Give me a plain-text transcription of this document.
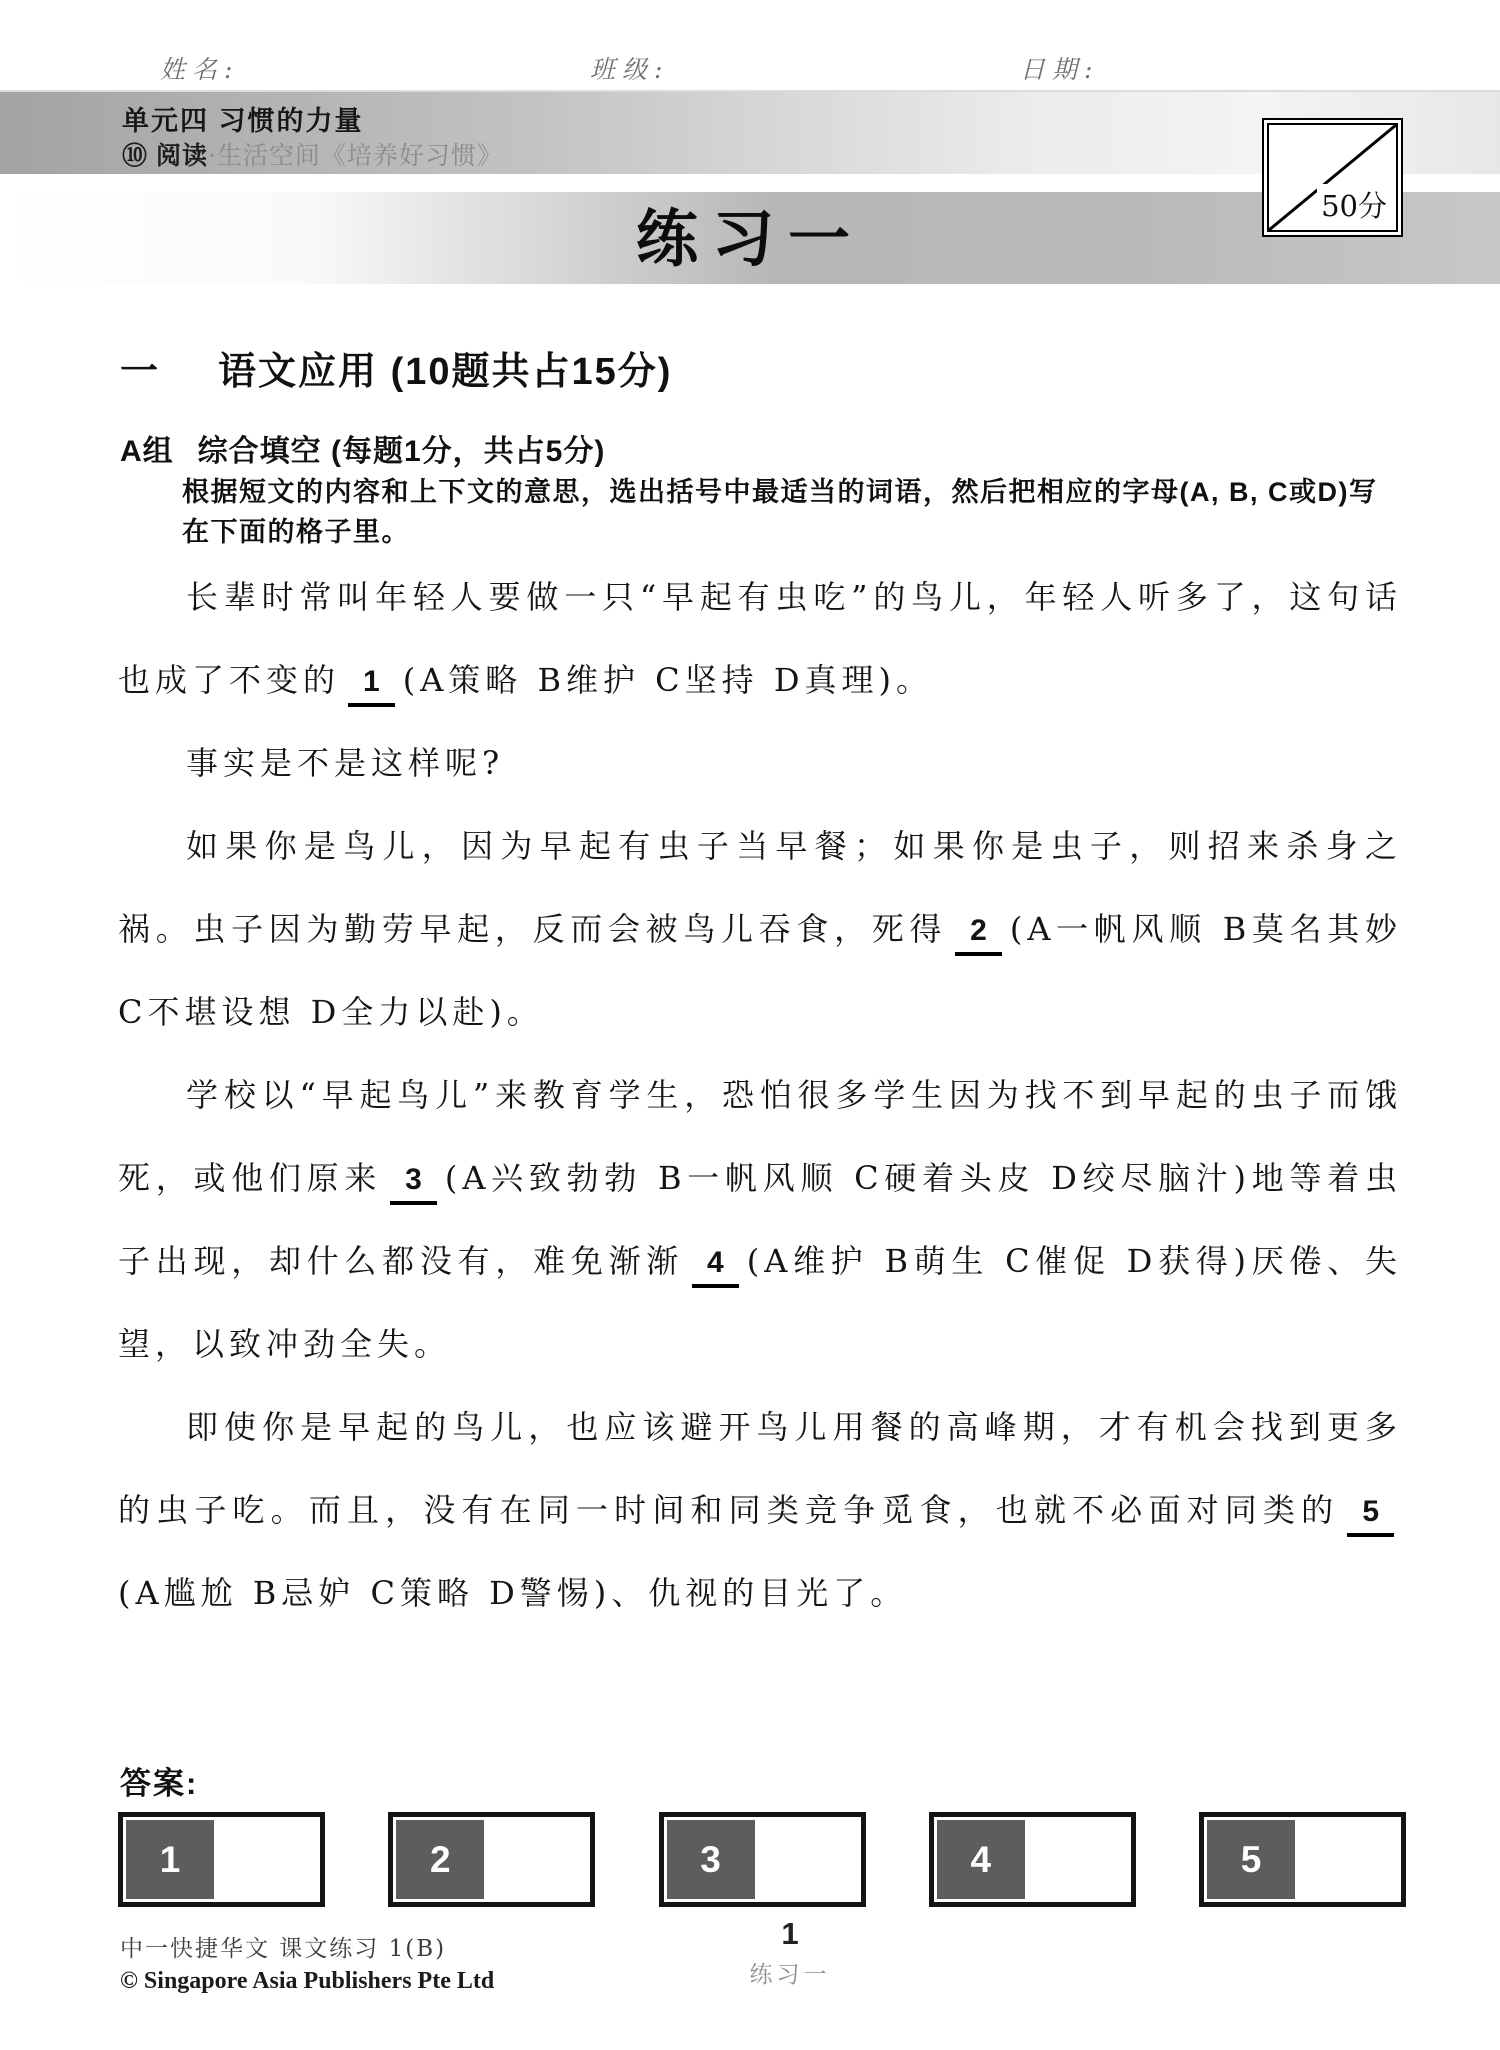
姓名:	班级:	日期:
单元四 习惯的力量
⑩ 阅读·生活空间《培养好习惯》
练习一	50分
一 语文应用 (10题共占15分)
A组 综合填空 (每题1分，共占5分)
根据短文的内容和上下文的意思，选出括号中最适当的词语，然后把相应的字母(A, B, C或D)写在下面的格子里。

长辈时常叫年轻人要做一只“早起有虫吃”的鸟儿，年轻人听多了，这句话也成了不变的 1 (A策略 B维护 C坚持 D真理)。

事实是不是这样呢?

如果你是鸟儿，因为早起有虫子当早餐；如果你是虫子，则招来杀身之祸。虫子因为勤劳早起，反而会被鸟儿吞食，死得 2 (A一帆风顺 B莫名其妙 C不堪设想 D全力以赴)。

学校以“早起鸟儿”来教育学生，恐怕很多学生因为找不到早起的虫子而饿死，或他们原来 3 (A兴致勃勃 B一帆风顺 C硬着头皮 D绞尽脑汁)地等着虫子出现，却什么都没有，难免渐渐 4 (A维护 B萌生 C催促 D获得)厌倦、失望，以致冲劲全失。

即使你是早起的鸟儿，也应该避开鸟儿用餐的高峰期，才有机会找到更多的虫子吃。而且，没有在同一时间和同类竞争觅食，也就不必面对同类的 5(A尴尬 B忌妒 C策略 D警惕)、仇视的目光了。

答案:
1	2	3	4	5
中一快捷华文 课文练习 1(B)
© Singapore Asia Publishers Pte Ltd
1
练习一
